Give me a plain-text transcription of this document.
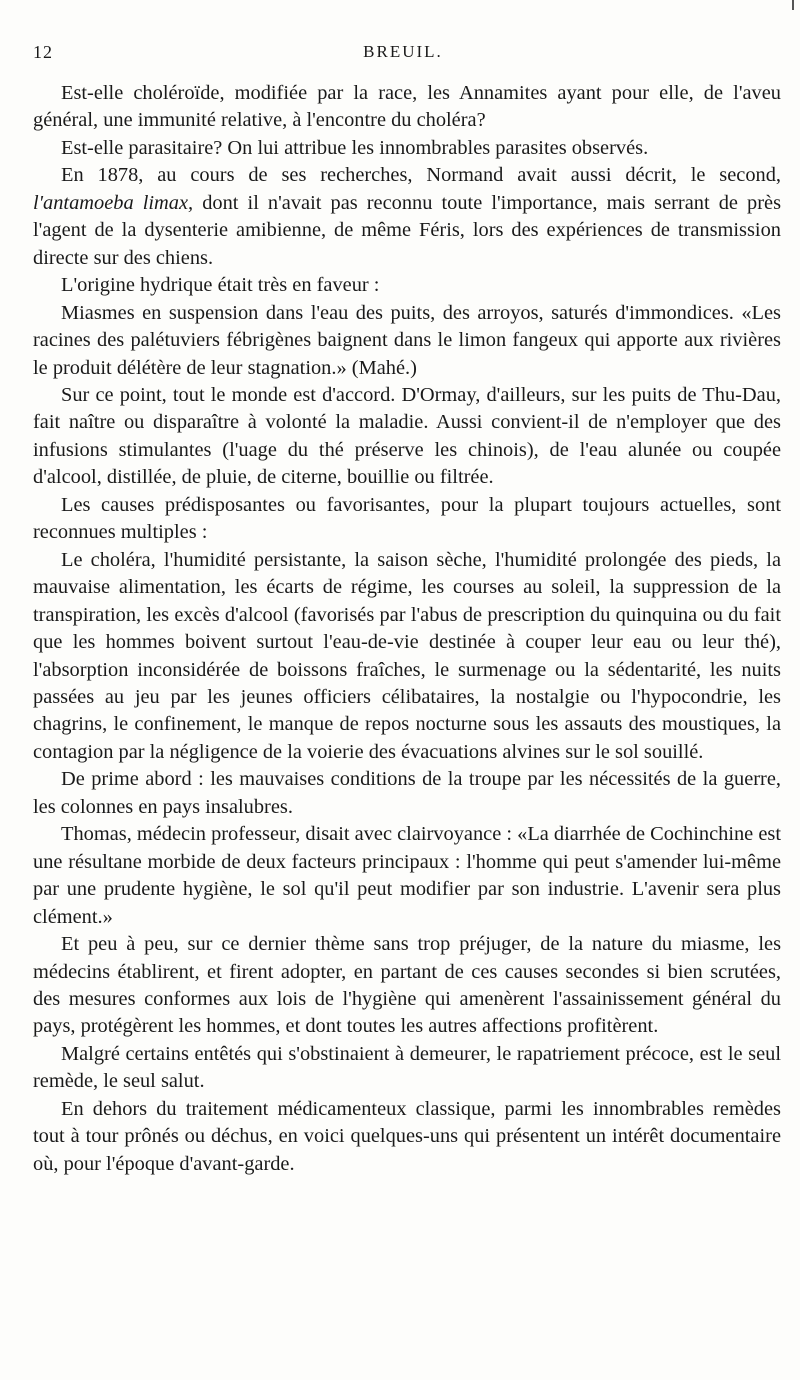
12	BREUIL.

Est-elle choléroïde, modifiée par la race, les Annamites ayant pour elle, de l'aveu général, une immunité relative, à l'encontre du choléra?

Est-elle parasitaire? On lui attribue les innombrables parasites observés.

En 1878, au cours de ses recherches, Normand avait aussi décrit, le second, l'antamoeba limax, dont il n'avait pas reconnu toute l'importance, mais serrant de près l'agent de la dysenterie amibienne, de même Féris, lors des expériences de transmission directe sur des chiens.

L'origine hydrique était très en faveur :

Miasmes en suspension dans l'eau des puits, des arroyos, saturés d'immondices. «Les racines des palétuviers fébrigènes baignent dans le limon fangeux qui apporte aux rivières le produit délétère de leur stagnation.» (Mahé.)

Sur ce point, tout le monde est d'accord. D'Ormay, d'ailleurs, sur les puits de Thu-Dau, fait naître ou disparaître à volonté la maladie. Aussi convient-il de n'employer que des infusions stimulantes (l'uage du thé préserve les chinois), de l'eau alunée ou coupée d'alcool, distillée, de pluie, de citerne, bouillie ou filtrée.

Les causes prédisposantes ou favorisantes, pour la plupart toujours actuelles, sont reconnues multiples :

Le choléra, l'humidité persistante, la saison sèche, l'humidité prolongée des pieds, la mauvaise alimentation, les écarts de régime, les courses au soleil, la suppression de la transpiration, les excès d'alcool (favorisés par l'abus de prescription du quinquina ou du fait que les hommes boivent surtout l'eau-de-vie destinée à couper leur eau ou leur thé), l'absorption inconsidérée de boissons fraîches, le surmenage ou la sédentarité, les nuits passées au jeu par les jeunes officiers célibataires, la nostalgie ou l'hypocondrie, les chagrins, le confinement, le manque de repos nocturne sous les assauts des moustiques, la contagion par la négligence de la voierie des évacuations alvines sur le sol souillé.

De prime abord : les mauvaises conditions de la troupe par les nécessités de la guerre, les colonnes en pays insalubres.

Thomas, médecin professeur, disait avec clairvoyance : «La diarrhée de Cochinchine est une résultane morbide de deux facteurs principaux : l'homme qui peut s'amender lui-même par une prudente hygiène, le sol qu'il peut modifier par son industrie. L'avenir sera plus clément.»

Et peu à peu, sur ce dernier thème sans trop préjuger, de la nature du miasme, les médecins établirent, et firent adopter, en partant de ces causes secondes si bien scrutées, des mesures conformes aux lois de l'hygiène qui amenèrent l'assainissement général du pays, protégèrent les hommes, et dont toutes les autres affections profitèrent.

Malgré certains entêtés qui s'obstinaient à demeurer, le rapatriement précoce, est le seul remède, le seul salut.

En dehors du traitement médicamenteux classique, parmi les innombrables remèdes tout à tour prônés ou déchus, en voici quelques-uns qui présentent un intérêt documentaire où, pour l'époque d'avant-garde.
